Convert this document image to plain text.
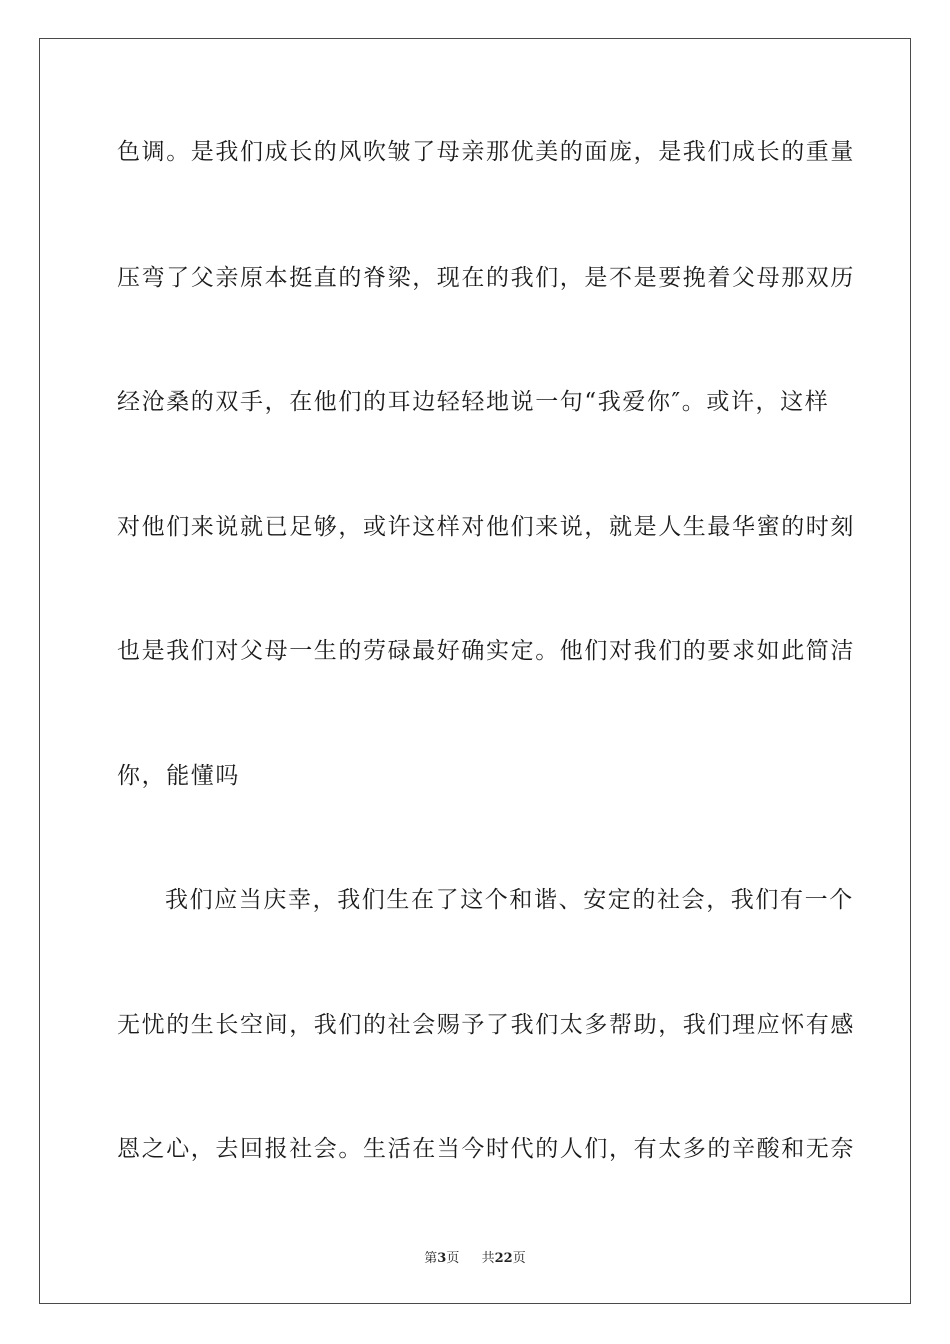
色调。是我们成长的风吹皱了母亲那优美的面庞，是我们成长的重量
压弯了父亲原本挺直的脊梁，现在的我们，是不是要挽着父母那双历
经沧桑的双手，在他们的耳边轻轻地说一句“我爱你″。或许，这样
对他们来说就已足够，或许这样对他们来说，就是人生最华蜜的时刻
也是我们对父母一生的劳碌最好确实定。他们对我们的要求如此简洁
你，能懂吗
我们应当庆幸，我们生在了这个和谐、安定的社会，我们有一个
无忧的生长空间，我们的社会赐予了我们太多帮助，我们理应怀有感
恩之心，去回报社会。生活在当今时代的人们，有太多的辛酸和无奈
第3页 共22页
